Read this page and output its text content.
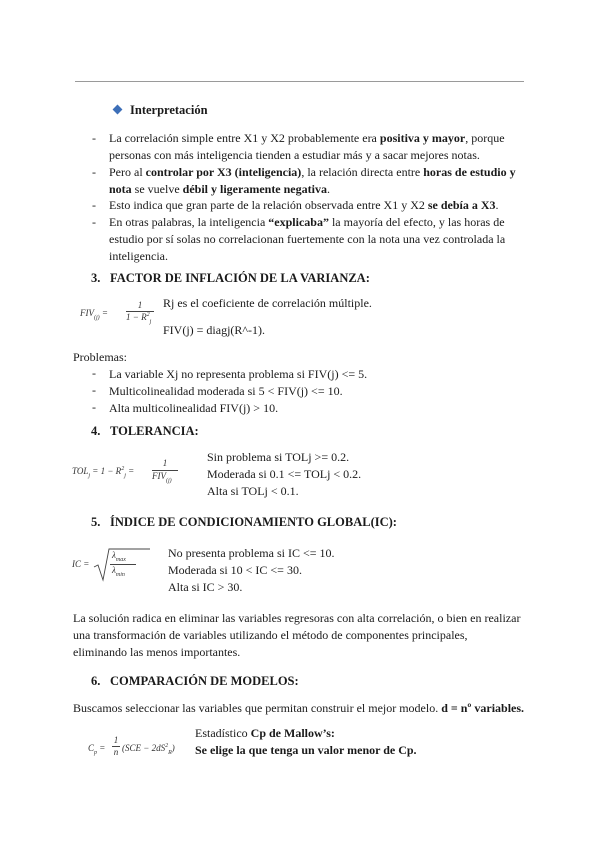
Interpretación
- La correlación simple entre X1 y X2 probablemente era positiva y mayor, porque
personas con más inteligencia tienden a estudiar más y a sacar mejores notas.
- Pero al controlar por X3 (inteligencia), la relación directa entre horas de estudio y
nota se vuelve débil y ligeramente negativa.
- Esto indica que gran parte de la relación observada entre X1 y X2 se debía a X3.
- En otras palabras, la inteligencia “explicaba” la mayoría del efecto, y las horas de
estudio por sí solas no correlacionan fuertemente con la nota una vez controlada la
inteligencia.
3. FACTOR DE INFLACIÓN DE LA VARIANZA:
$FIV_{(j)}$ =
1
$1 - R^2_j$
Rj es el coeficiente de correlación múltiple.
FIV(j) = diagj(R^-1).
Problemas:
- La variable Xj no representa problema si FIV(j) <= 5.
- Multicolinealidad moderada si 5 < FIV(j) <= 10.
- Alta multicolinealidad FIV(j) > 10.
4. TOLERANCIA:
$TOL_j = 1 - R^2_j$ =
1
$FIV_{(j)}$
Sin problema si TOLj >= 0.2.
Moderada si 0.1 <= TOLj < 0.2.
Alta si TOLj < 0.1.
5. ÍNDICE DE CONDICIONAMIENTO GLOBAL(IC):
IC =
$\lambda_{max}$
$\lambda_{min}$
No presenta problema si IC <= 10.
Moderada si 10 < IC <= 30.
Alta si IC > 30.
La solución radica en eliminar las variables regresoras con alta correlación, o bien en realizar
una transformación de variables utilizando el método de componentes principales,
eliminando las menos importantes.
6. COMPARACIÓN DE MODELOS:
Buscamos seleccionar las variables que permitan construir el mejor modelo. d = nº variables.
$C_p$ =
1
n $(SCE - 2dS^2_R)$
Estadístico Cp de Mallow’s:
Se elige la que tenga un valor menor de Cp.
